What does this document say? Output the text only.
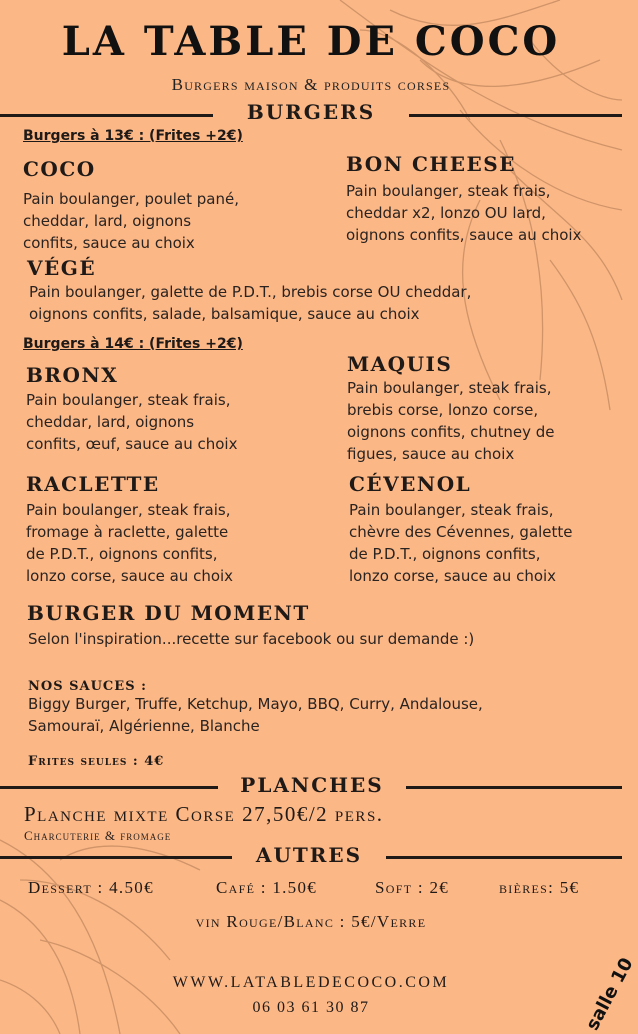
LA TABLE DE COCO
Burgers maison & produits corses
BURGERS
Burgers à 13€ : (Frites +2€)
COCO
Pain boulanger, poulet pané,
cheddar, lard, oignons
confits, sauce au choix
BON CHEESE
Pain boulanger, steak frais,
cheddar x2, lonzo OU lard,
oignons confits, sauce au choix
VÉGÉ
Pain boulanger, galette de P.D.T., brebis corse OU cheddar,
oignons confits, salade, balsamique, sauce au choix
Burgers à 14€ : (Frites +2€)
BRONX
Pain boulanger, steak frais,
cheddar, lard, oignons
confits, œuf, sauce au choix
MAQUIS
Pain boulanger, steak frais,
brebis corse, lonzo corse,
oignons confits, chutney de
figues, sauce au choix
RACLETTE
Pain boulanger, steak frais,
fromage à raclette, galette
de P.D.T., oignons confits,
lonzo corse, sauce au choix
CÉVENOL
Pain boulanger, steak frais,
chèvre des Cévennes, galette
de P.D.T., oignons confits,
lonzo corse, sauce au choix
BURGER DU MOMENT
Selon l'inspiration...recette sur facebook ou sur demande :)
NOS SAUCES :
Biggy Burger, Truffe, Ketchup, Mayo, BBQ, Curry, Andalouse,
Samouraï, Algérienne, Blanche
Frites seules : 4€
PLANCHES
Planche mixte Corse 27,50€/2 pers.
Charcuterie & fromage
AUTRES
Dessert : 4.50€	Café : 1.50€	Soft : 2€	bières: 5€
vin Rouge/Blanc : 5€/Verre
WWW.LATABLEDECOCO.COM
06 03 61 30 87	salle 10
